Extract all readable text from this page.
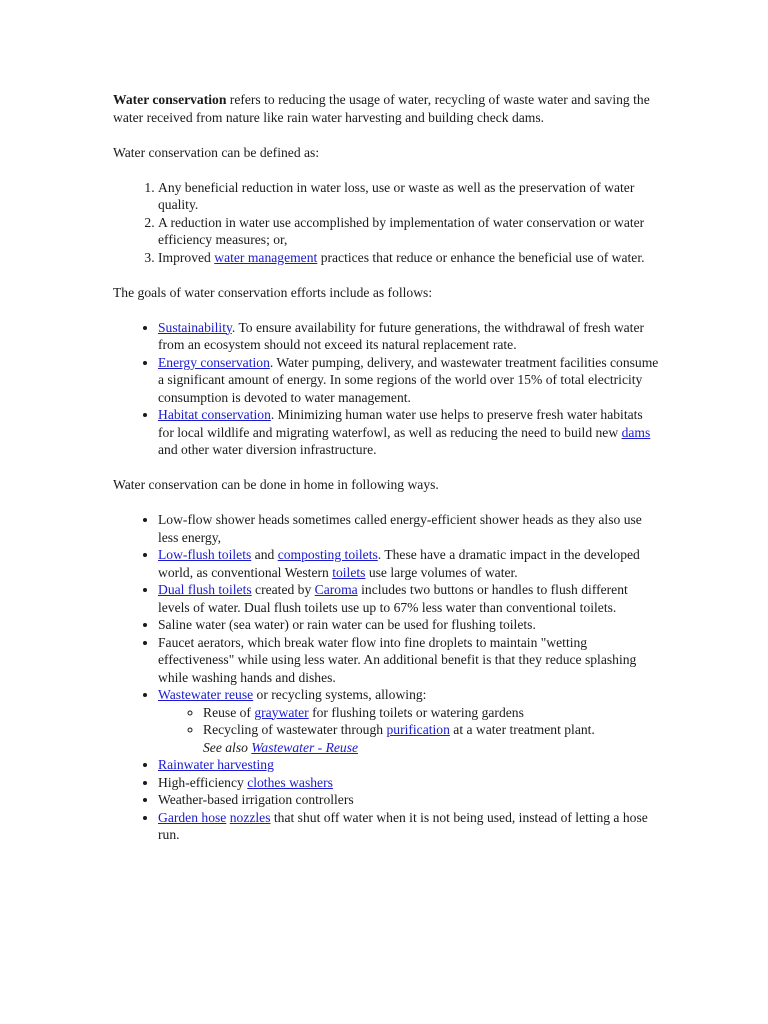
Water conservation refers to reducing the usage of water, recycling of waste water and saving the water received from nature like rain water harvesting and building check dams.

Water conservation can be defined as:

1. Any beneficial reduction in water loss, use or waste as well as the preservation of water quality.
2. A reduction in water use accomplished by implementation of water conservation or water efficiency measures; or,
3. Improved water management practices that reduce or enhance the beneficial use of water.

The goals of water conservation efforts include as follows:

• Sustainability. To ensure availability for future generations, the withdrawal of fresh water from an ecosystem should not exceed its natural replacement rate.
• Energy conservation. Water pumping, delivery, and wastewater treatment facilities consume a significant amount of energy. In some regions of the world over 15% of total electricity consumption is devoted to water management.
• Habitat conservation. Minimizing human water use helps to preserve fresh water habitats for local wildlife and migrating waterfowl, as well as reducing the need to build new dams and other water diversion infrastructure.

Water conservation can be done in home in following ways.

• Low-flow shower heads sometimes called energy-efficient shower heads as they also use less energy,
• Low-flush toilets and composting toilets. These have a dramatic impact in the developed world, as conventional Western toilets use large volumes of water.
• Dual flush toilets created by Caroma includes two buttons or handles to flush different levels of water. Dual flush toilets use up to 67% less water than conventional toilets.
• Saline water (sea water) or rain water can be used for flushing toilets.
• Faucet aerators, which break water flow into fine droplets to maintain "wetting effectiveness" while using less water. An additional benefit is that they reduce splashing while washing hands and dishes.
• Wastewater reuse or recycling systems, allowing:
◦ Reuse of graywater for flushing toilets or watering gardens
◦ Recycling of wastewater through purification at a water treatment plant.
See also Wastewater - Reuse
• Rainwater harvesting
• High-efficiency clothes washers
• Weather-based irrigation controllers
• Garden hose nozzles that shut off water when it is not being used, instead of letting a hose run.
